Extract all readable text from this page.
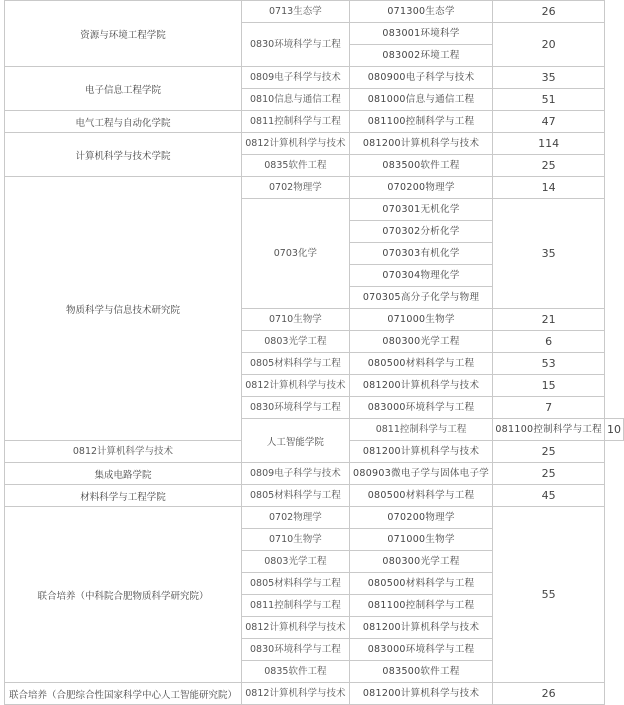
资源与环境工程学院	0713生态学	071300生态学	26	
	0830环境科学与工程	083001环境科学	20	
		083002环境工程		
电子信息工程学院	0809电子科学与技术	080900电子科学与技术	35	
	0810信息与通信工程	081000信息与通信工程	51	
电气工程与自动化学院	0811控制科学与工程	081100控制科学与工程	47	
计算机科学与技术学院	0812计算机科学与技术	081200计算机科学与技术	114	
	0835软件工程	083500软件工程	25	
物质科学与信息技术研究院	0702物理学	070200物理学	14	
	0703化学	070301无机化学	35	
		070302分析化学		
		070303有机化学		
		070304物理化学		
		070305高分子化学与物理		
	0710生物学	071000生物学	21	
	0803光学工程	080300光学工程	6	
	0805材料科学与工程	080500材料科学与工程	53	
	0812计算机科学与技术	081200计算机科学与技术	15	
	0830环境科学与工程	083000环境科学与工程	7	
	人工智能学院	0811控制科学与工程	081100控制科学与工程	10
0812计算机科学与技术		081200计算机科学与技术	25	
集成电路学院	0809电子科学与技术	080903微电子学与固体电子学	25	
材料科学与工程学院	0805材料科学与工程	080500材料科学与工程	45	
联合培养（中科院合肥物质科学研究院）	0702物理学	070200物理学	55	
	0710生物学	071000生物学		
	0803光学工程	080300光学工程		
	0805材料科学与工程	080500材料科学与工程		
	0811控制科学与工程	081100控制科学与工程		
	0812计算机科学与技术	081200计算机科学与技术		
	0830环境科学与工程	083000环境科学与工程		
	0835软件工程	083500软件工程		
联合培养（合肥综合性国家科学中心人工智能研究院）	0812计算机科学与技术	081200计算机科学与技术	26	
